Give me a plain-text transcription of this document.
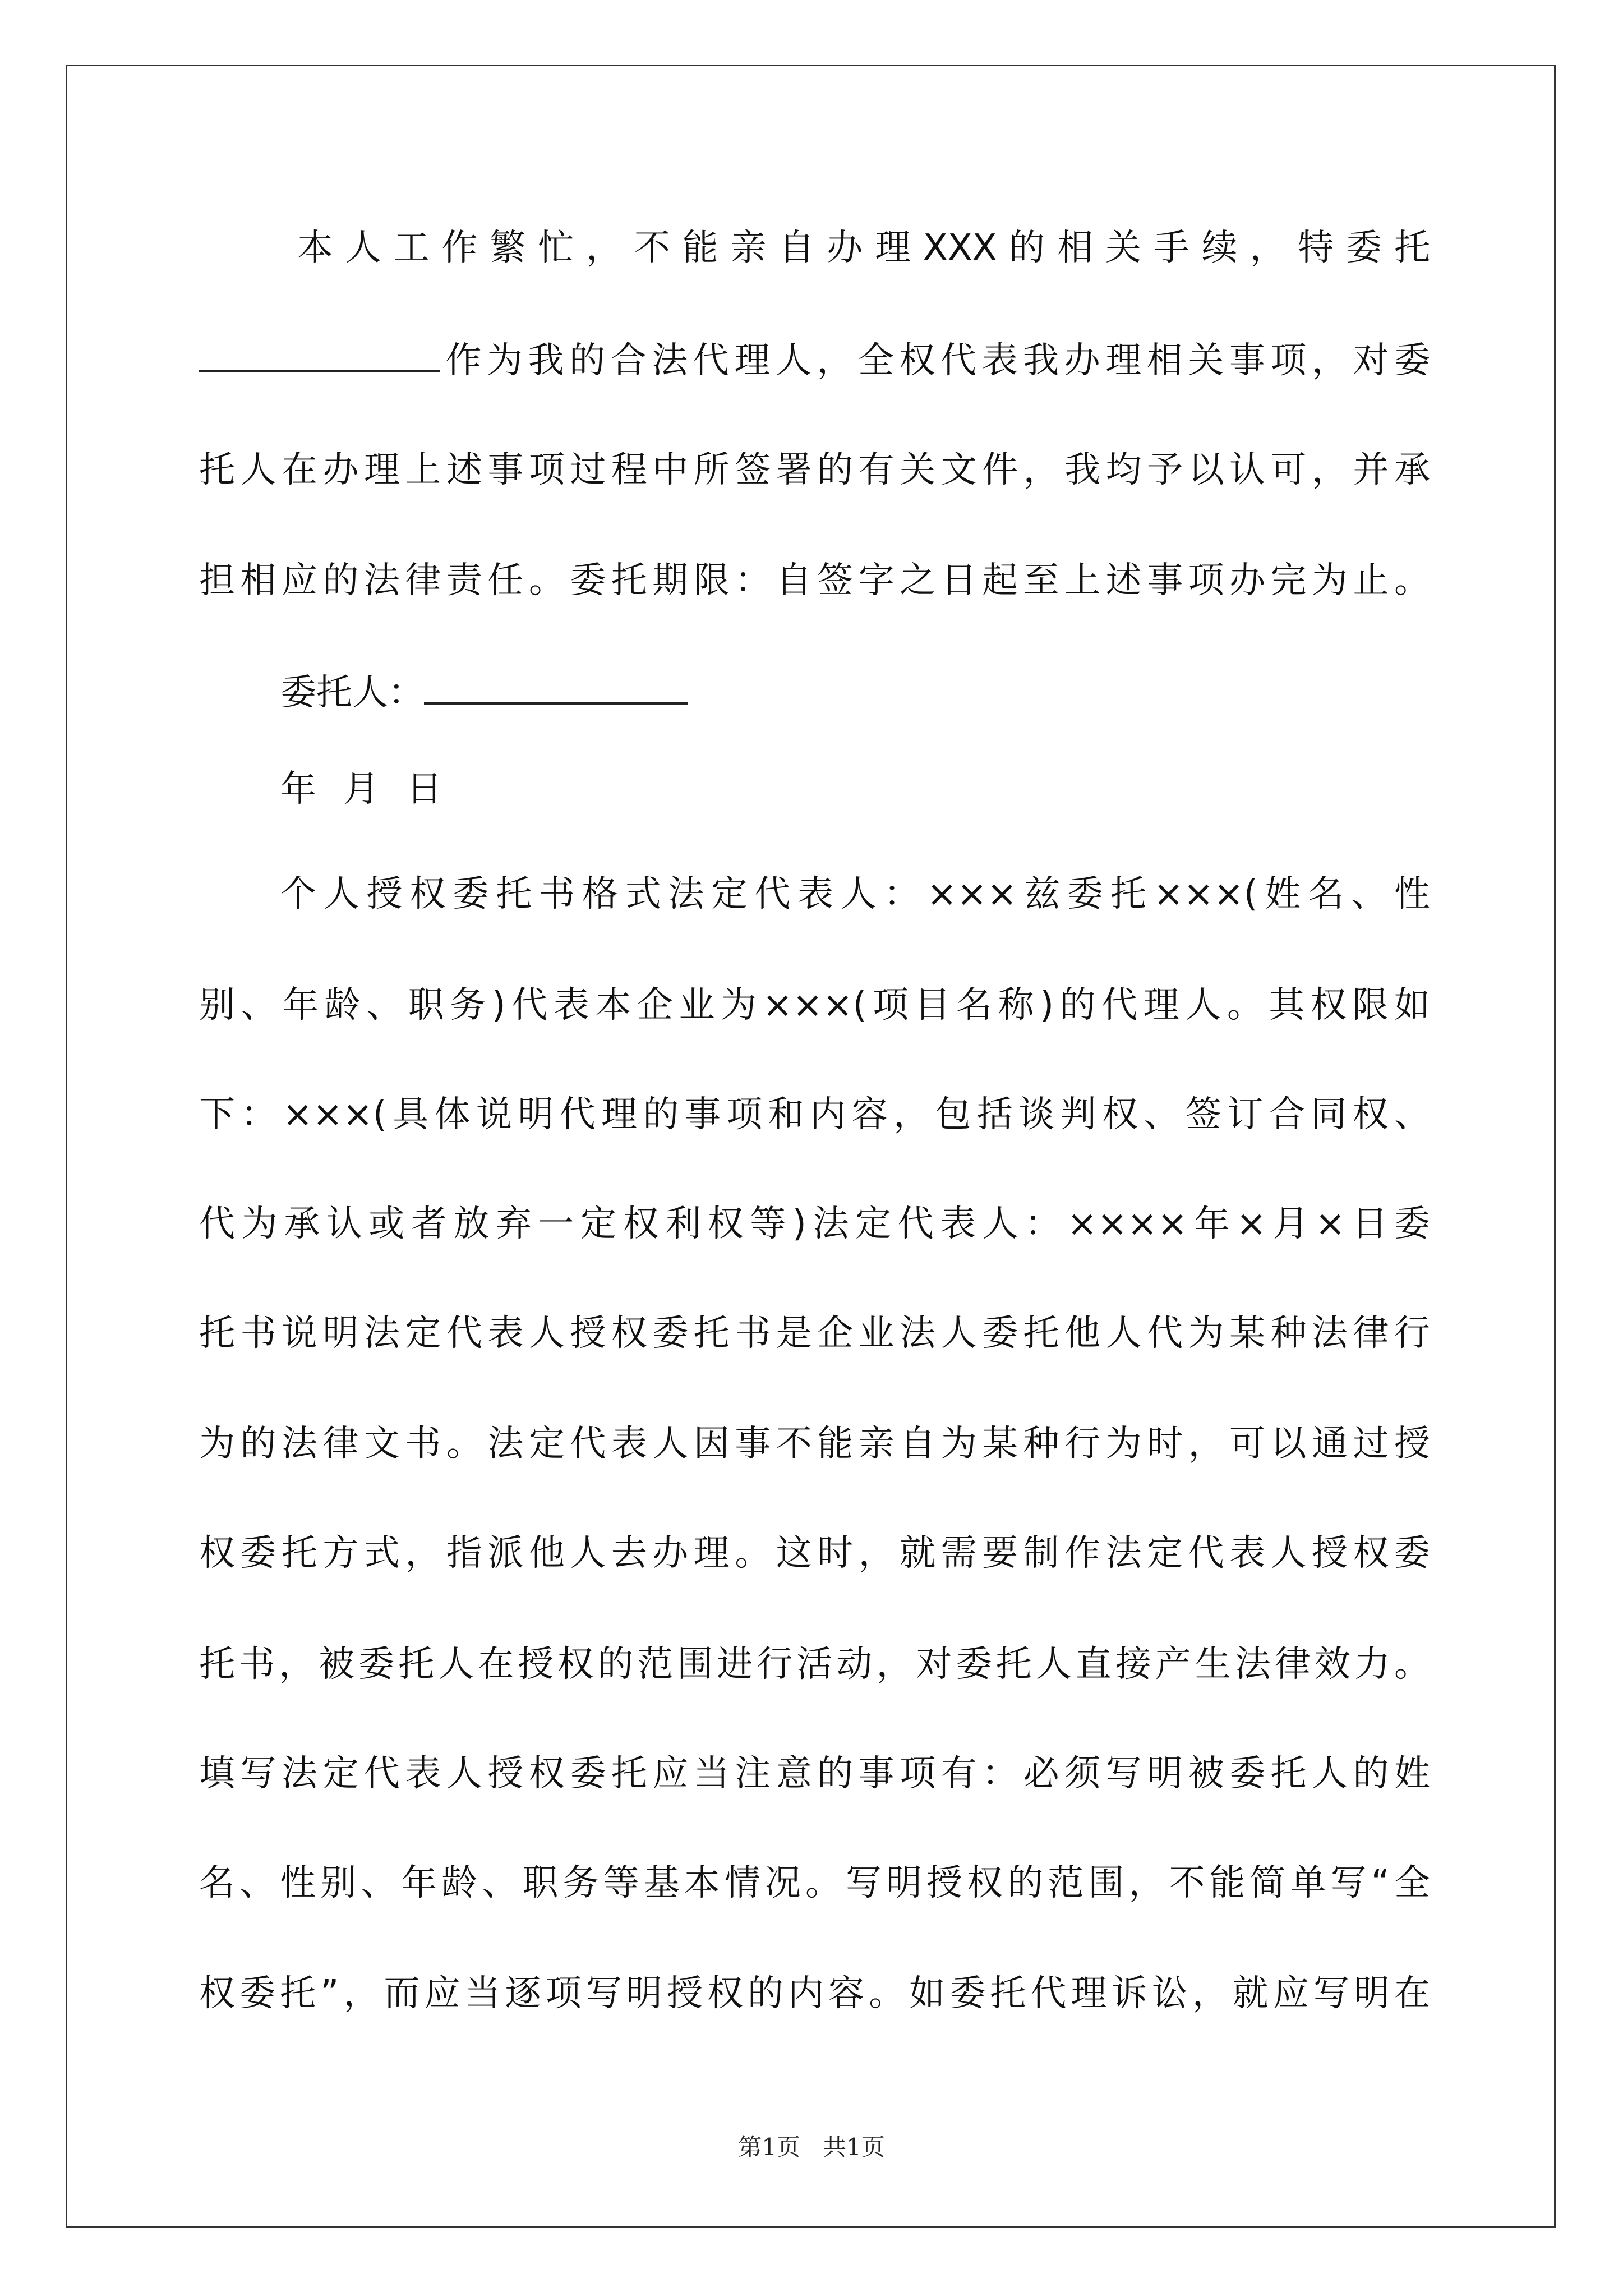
本人工作繁忙，不能亲自办理XXX的相关手续，特委托
作为我的合法代理人，全权代表我办理相关事项，对委
托人在办理上述事项过程中所签署的有关文件，我均予以认可，并承
担相应的法律责任。委托期限：自签字之日起至上述事项办完为止。
委托人：
年 月 日
个人授权委托书格式法定代表人：×××兹委托×××(姓名、性
别、年龄、职务)代表本企业为×××(项目名称)的代理人。其权限如
下：×××(具体说明代理的事项和内容，包括谈判权、签订合同权、
代为承认或者放弃一定权利权等)法定代表人：××××年×月×日委
托书说明法定代表人授权委托书是企业法人委托他人代为某种法律行
为的法律文书。法定代表人因事不能亲自为某种行为时，可以通过授
权委托方式，指派他人去办理。这时，就需要制作法定代表人授权委
托书，被委托人在授权的范围进行活动，对委托人直接产生法律效力。
填写法定代表人授权委托应当注意的事项有：必须写明被委托人的姓
名、性别、年龄、职务等基本情况。写明授权的范围，不能简单写“全
权委托”，而应当逐项写明授权的内容。如委托代理诉讼，就应写明在
第1页 共1页
